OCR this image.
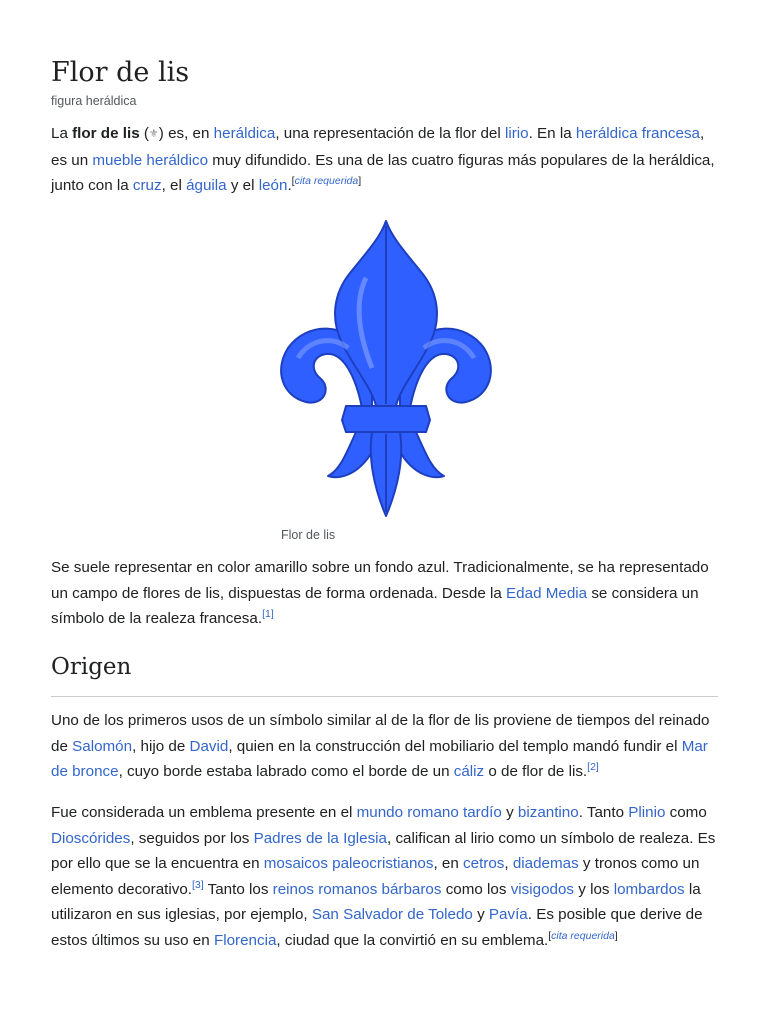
Flor de lis
figura heráldica

La flor de lis (⚜) es, en heráldica, una representación de la flor del lirio. En la heráldica francesa, es un mueble heráldico muy difundido. Es una de las cuatro figuras más populares de la heráldica, junto con la cruz, el águila y el león.[cita requerida]

Flor de lis

Se suele representar en color amarillo sobre un fondo azul. Tradicionalmente, se ha representado un campo de flores de lis, dispuestas de forma ordenada. Desde la Edad Media se considera un símbolo de la realeza francesa.[1]

Origen

Uno de los primeros usos de un símbolo similar al de la flor de lis proviene de tiempos del reinado de Salomón, hijo de David, quien en la construcción del mobiliario del templo mandó fundir el Mar de bronce, cuyo borde estaba labrado como el borde de un cáliz o de flor de lis.[2]

Fue considerada un emblema presente en el mundo romano tardío y bizantino. Tanto Plinio como Dioscórides, seguidos por los Padres de la Iglesia, califican al lirio como un símbolo de realeza. Es por ello que se la encuentra en mosaicos paleocristianos, en cetros, diademas y tronos como un elemento decorativo.[3] Tanto los reinos romanos bárbaros como los visigodos y los lombardos la utilizaron en sus iglesias, por ejemplo, San Salvador de Toledo y Pavía. Es posible que derive de estos últimos su uso en Florencia, ciudad que la convirtió en su emblema.[cita requerida]
